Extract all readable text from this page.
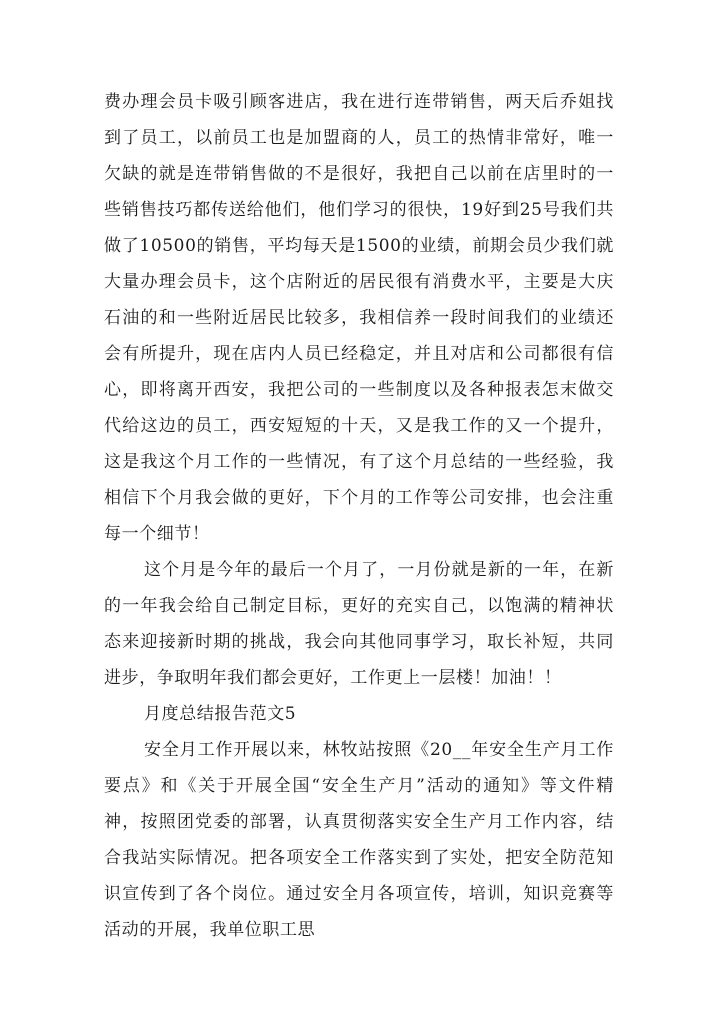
费办理会员卡吸引顾客进店，我在进行连带销售，两天后乔姐找到了员工，以前员工也是加盟商的人，员工的热情非常好，唯一欠缺的就是连带销售做的不是很好，我把自己以前在店里时的一些销售技巧都传送给他们，他们学习的很快，19好到25号我们共做了10500的销售，平均每天是1500的业绩，前期会员少我们就大量办理会员卡，这个店附近的居民很有消费水平，主要是大庆石油的和一些附近居民比较多，我相信养一段时间我们的业绩还会有所提升，现在店内人员已经稳定，并且对店和公司都很有信心，即将离开西安，我把公司的一些制度以及各种报表怎末做交代给这边的员工，西安短短的十天，又是我工作的又一个提升，这是我这个月工作的一些情况，有了这个月总结的一些经验，我相信下个月我会做的更好，下个月的工作等公司安排，也会注重每一个细节！

这个月是今年的最后一个月了，一月份就是新的一年，在新的一年我会给自己制定目标，更好的充实自己，以饱满的精神状态来迎接新时期的挑战，我会向其他同事学习，取长补短，共同进步，争取明年我们都会更好，工作更上一层楼！加油！！

月度总结报告范文5

安全月工作开展以来，林牧站按照《20__年安全生产月工作要点》和《关于开展全国“安全生产月”活动的通知》等文件精神，按照团党委的部署，认真贯彻落实安全生产月工作内容，结合我站实际情况。把各项安全工作落实到了实处，把安全防范知识宣传到了各个岗位。通过安全月各项宣传，培训，知识竞赛等活动的开展，我单位职工思
